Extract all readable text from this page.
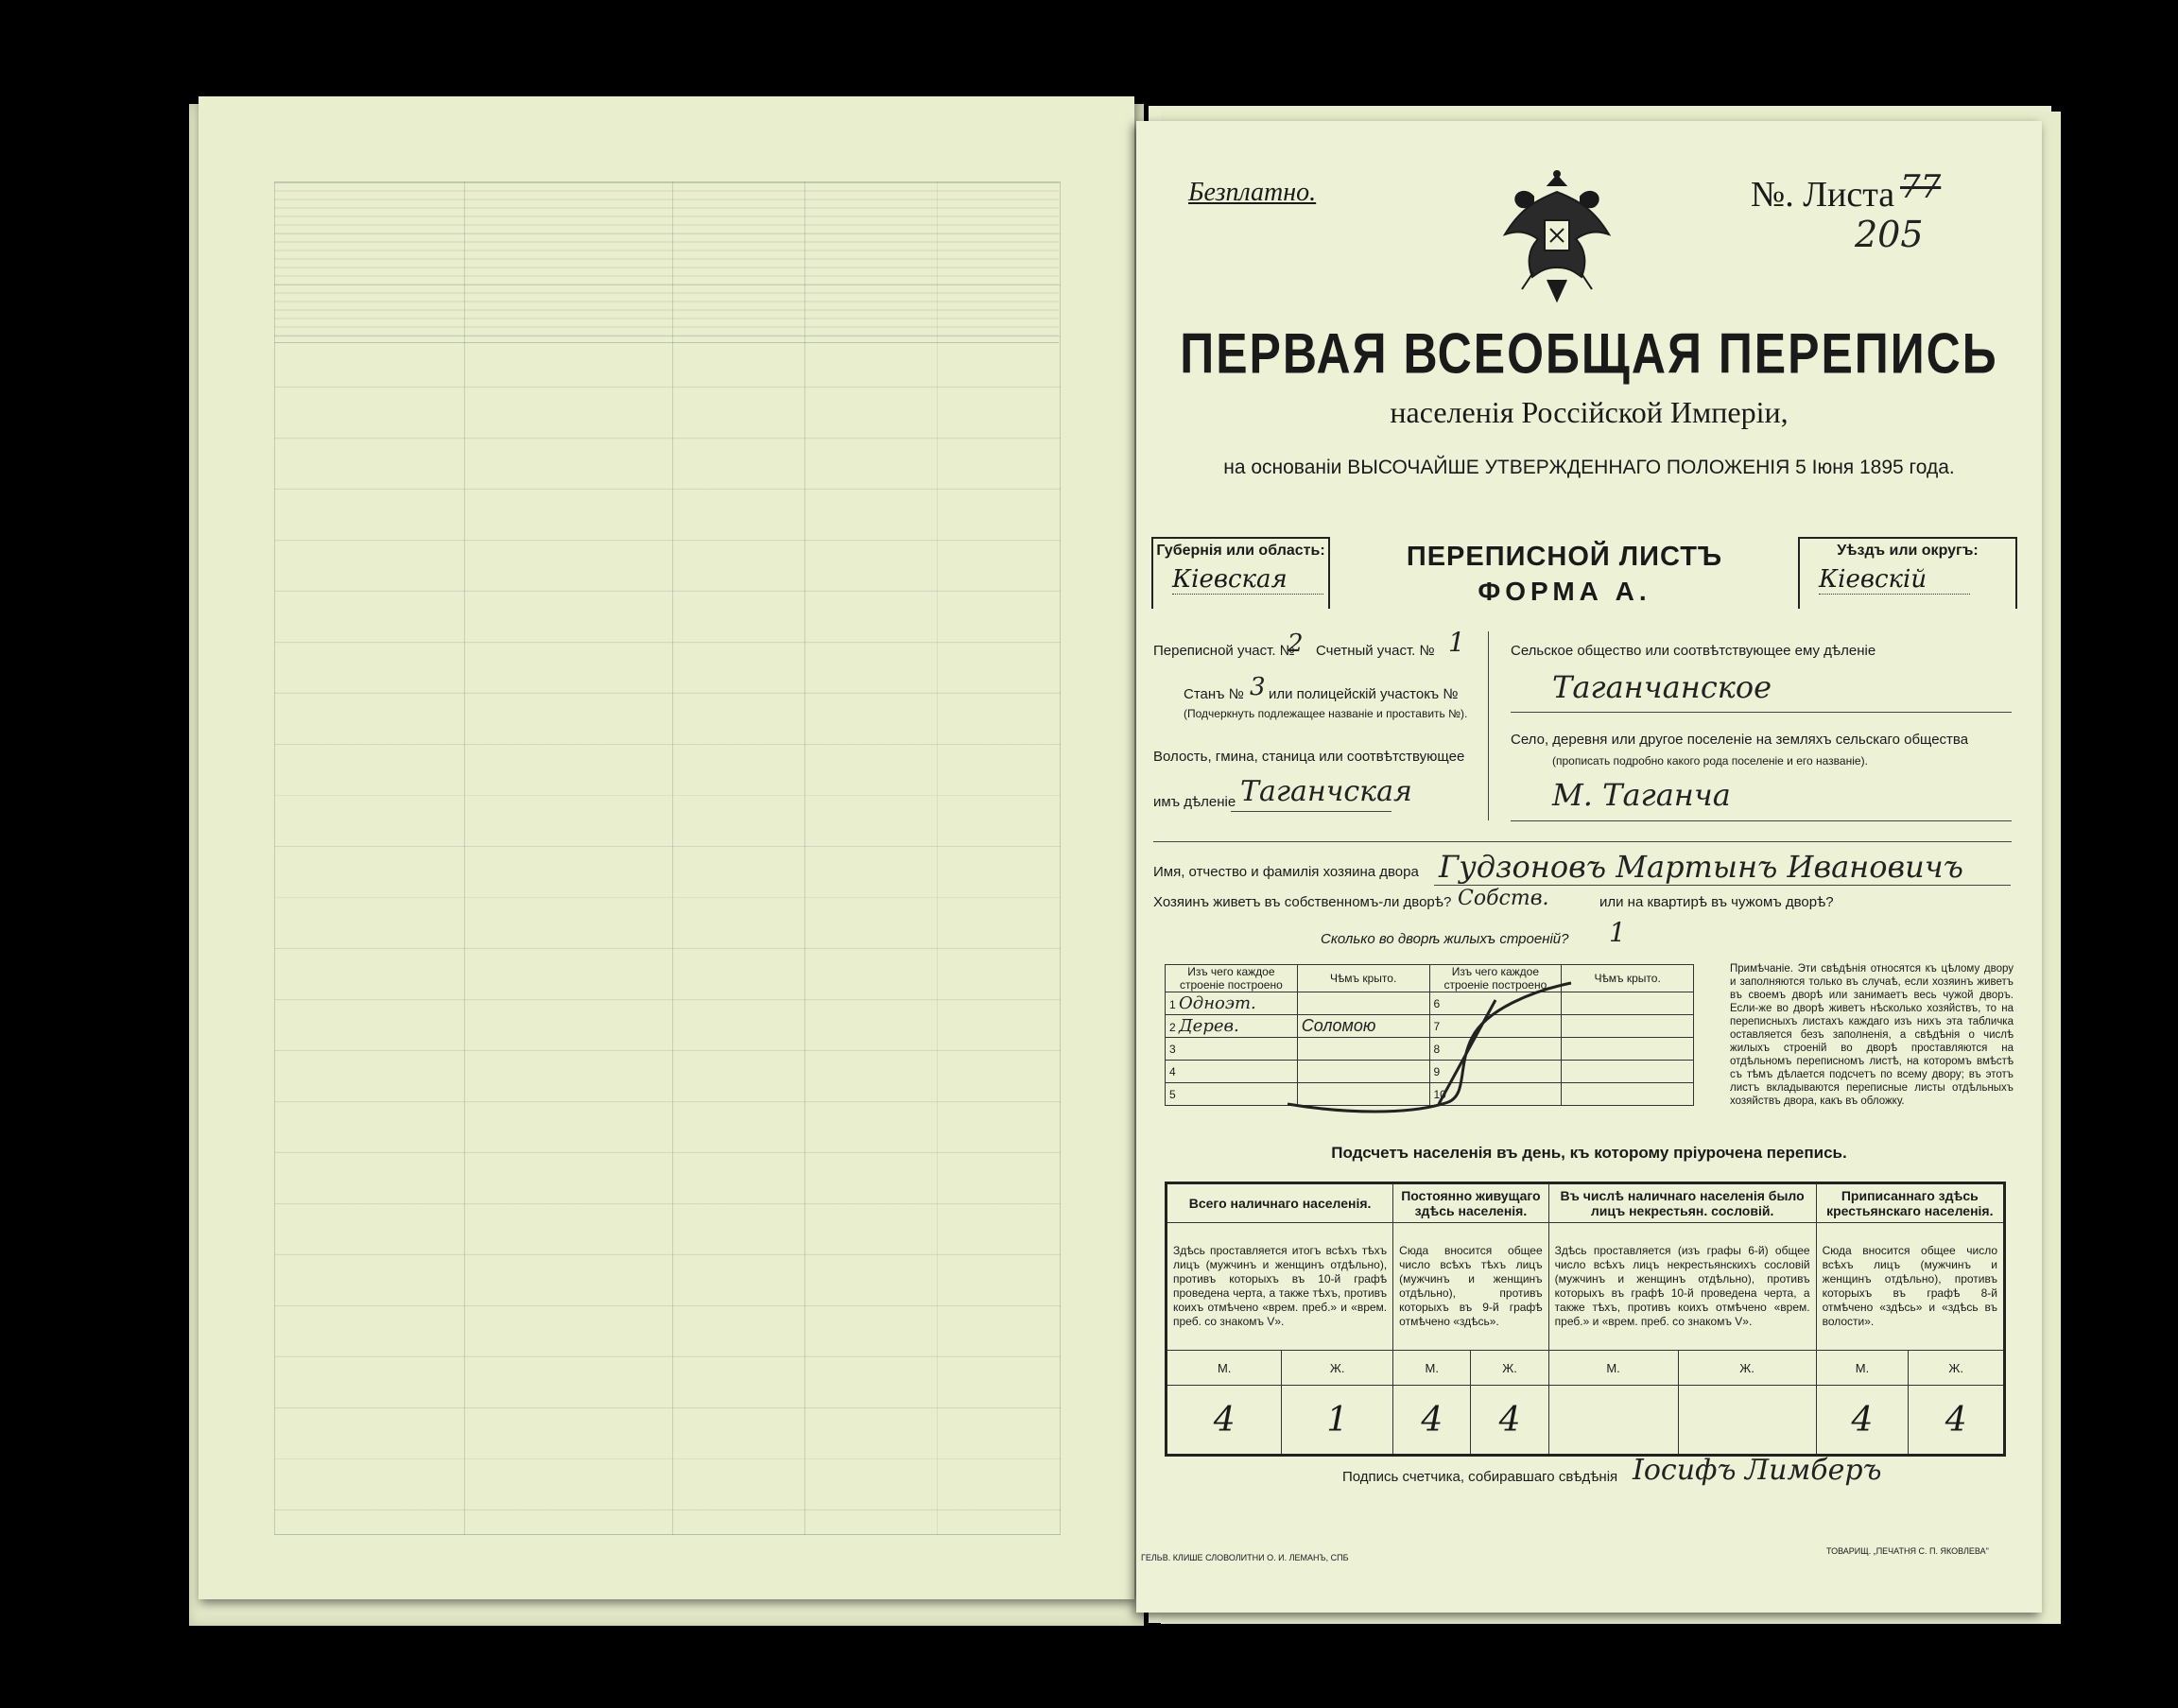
Безплатно.	№. Листа 77
205
ПЕРВАЯ ВСЕОБЩАЯ ПЕРЕПИСЬ
населенія Россійской Имперіи,
на основаніи ВЫСОЧАЙШЕ УТВЕРЖДЕННАГО ПОЛОЖЕНІЯ 5 Іюня 1895 года.
Губернія или область:
Кіевская
ПЕРЕПИСНОЙ ЛИСТЪ
ФОРМА А.
Уѣздъ или округъ:
Кіевскій
Переписной участ. №
2 Счетный участ. № 1
Станъ № 3 или полицейскій участокъ №
(Подчеркнуть подлежащее названіе и проставить №).
Волость, гмина, станица или соотвѣтствующее
имъ дѣленіе Таганчская
Сельское общество или соотвѣтствующее ему дѣленіе
Таганчанское
Село, деревня или другое поселеніе на земляхъ сельскаго общества
(прописать подробно какого рода поселеніе и его названіе).
М. Таганча
Имя, отчество и фамилія хозяина двора Гудзоновъ Мартынъ Ивановичъ
Хозяинъ живетъ въ собственномъ-ли дворѣ? Собств.	или на квартирѣ въ чужомъ дворѣ?
Сколько во дворѣ жилыхъ строеній? 1
Изъ чего каждое строеніе построено	Чѣмъ крыто.	Изъ чего каждое строеніе построено	Чѣмъ крыто.
1 Одноэт.		6	
2 Дерев.	Соломою	7	
3		8	
4		9	
5		10	
Примѣчаніе. Эти свѣдѣнія относятся къ цѣлому двору и заполняются только въ случаѣ, если хозяинъ живетъ въ своемъ дворѣ или занимаетъ весь чужой дворъ. Если-же во дворѣ живетъ нѣсколько хозяйствъ, то на переписныхъ листахъ каждаго изъ нихъ эта табличка оставляется безъ заполненія, а свѣдѣнія о числѣ жилыхъ строеній во дворѣ проставляются на отдѣльномъ переписномъ листѣ, на которомъ вмѣстѣ съ тѣмъ дѣлается подсчетъ по всему двору; въ этотъ листъ вкладываются переписные листы отдѣльныхъ хозяйствъ двора, какъ въ обложку.
Подсчетъ населенія въ день, къ которому пріурочена перепись.
Всего наличнаго населенія.		Постоянно живущаго здѣсь населенія.		Въ числѣ наличнаго населенія было лицъ некрестьян. сословій.		Приписаннаго здѣсь крестьянскаго населенія.	
Здѣсь проставляется итогъ всѣхъ тѣхъ лицъ (мужчинъ и женщинъ отдѣльно), противъ которыхъ въ 10-й графѣ проведена черта, а также тѣхъ, противъ коихъ отмѣчено «врем. преб.» и «врем. преб. со знакомъ V».		Сюда вносится общее число всѣхъ тѣхъ лицъ (мужчинъ и женщинъ отдѣльно), противъ которыхъ въ 9-й графѣ отмѣчено «здѣсь».		Здѣсь проставляется (изъ графы 6-й) общее число всѣхъ лицъ некрестьянскихъ сословій (мужчинъ и женщинъ отдѣльно), противъ которыхъ въ графѣ 10-й проведена черта, а также тѣхъ, противъ коихъ отмѣчено «врем. преб.» и «врем. преб. со знакомъ V».		Сюда вносится общее число всѣхъ лицъ (мужчинъ и женщинъ отдѣльно), противъ которыхъ въ графѣ 8-й отмѣчено «здѣсь» и «здѣсь въ волости».	
М.	Ж.	М.	Ж.	М.	Ж.	М.	Ж.
4	1	4	4			4	4
Подпись счетчика, собиравшаго свѣдѣнія Іосифъ Лимберъ
ГЕЛЬВ. КЛИШЕ СЛОВОЛИТНИ О. И. ЛЕМАНЪ, СПБ
ТОВАРИЩ. „ПЕЧАТНЯ С. П. ЯКОВЛЕВА"
